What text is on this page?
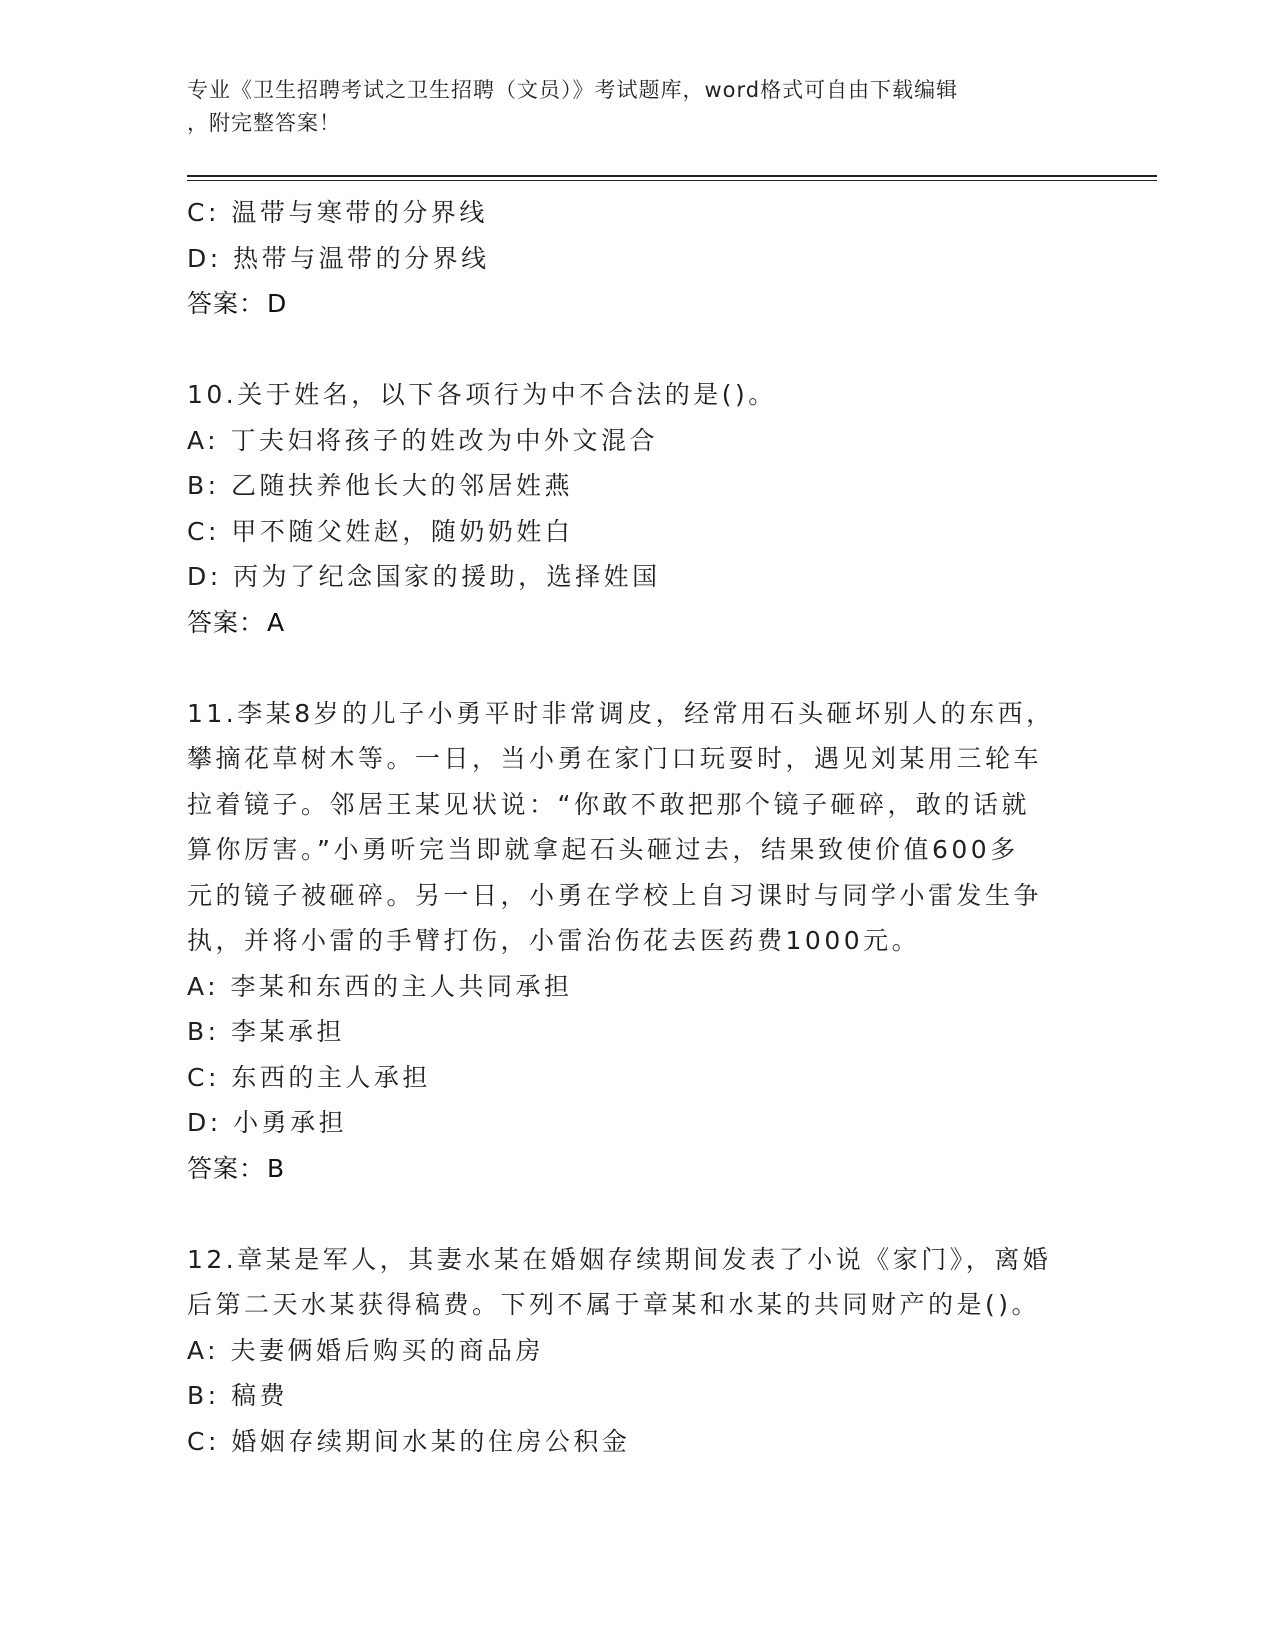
专业《卫生招聘考试之卫生招聘（文员）》考试题库，word格式可自由下载编辑
，附完整答案！
C: 温带与寒带的分界线
D: 热带与温带的分界线
答案：D
10.关于姓名，以下各项行为中不合法的是()。
A: 丁夫妇将孩子的姓改为中外文混合
B: 乙随扶养他长大的邻居姓燕
C: 甲不随父姓赵，随奶奶姓白
D: 丙为了纪念国家的援助，选择姓国
答案：A
11.李某8岁的儿子小勇平时非常调皮，经常用石头砸坏别人的东西，
攀摘花草树木等。一日，当小勇在家门口玩耍时，遇见刘某用三轮车
拉着镜子。邻居王某见状说：“你敢不敢把那个镜子砸碎，敢的话就
算你厉害。”小勇听完当即就拿起石头砸过去，结果致使价值600多
元的镜子被砸碎。另一日，小勇在学校上自习课时与同学小雷发生争
执，并将小雷的手臂打伤，小雷治伤花去医药费1000元。
A: 李某和东西的主人共同承担
B: 李某承担
C: 东西的主人承担
D: 小勇承担
答案：B
12.章某是军人，其妻水某在婚姻存续期间发表了小说《家门》，离婚
后第二天水某获得稿费。下列不属于章某和水某的共同财产的是()。
A: 夫妻俩婚后购买的商品房
B: 稿费
C: 婚姻存续期间水某的住房公积金
